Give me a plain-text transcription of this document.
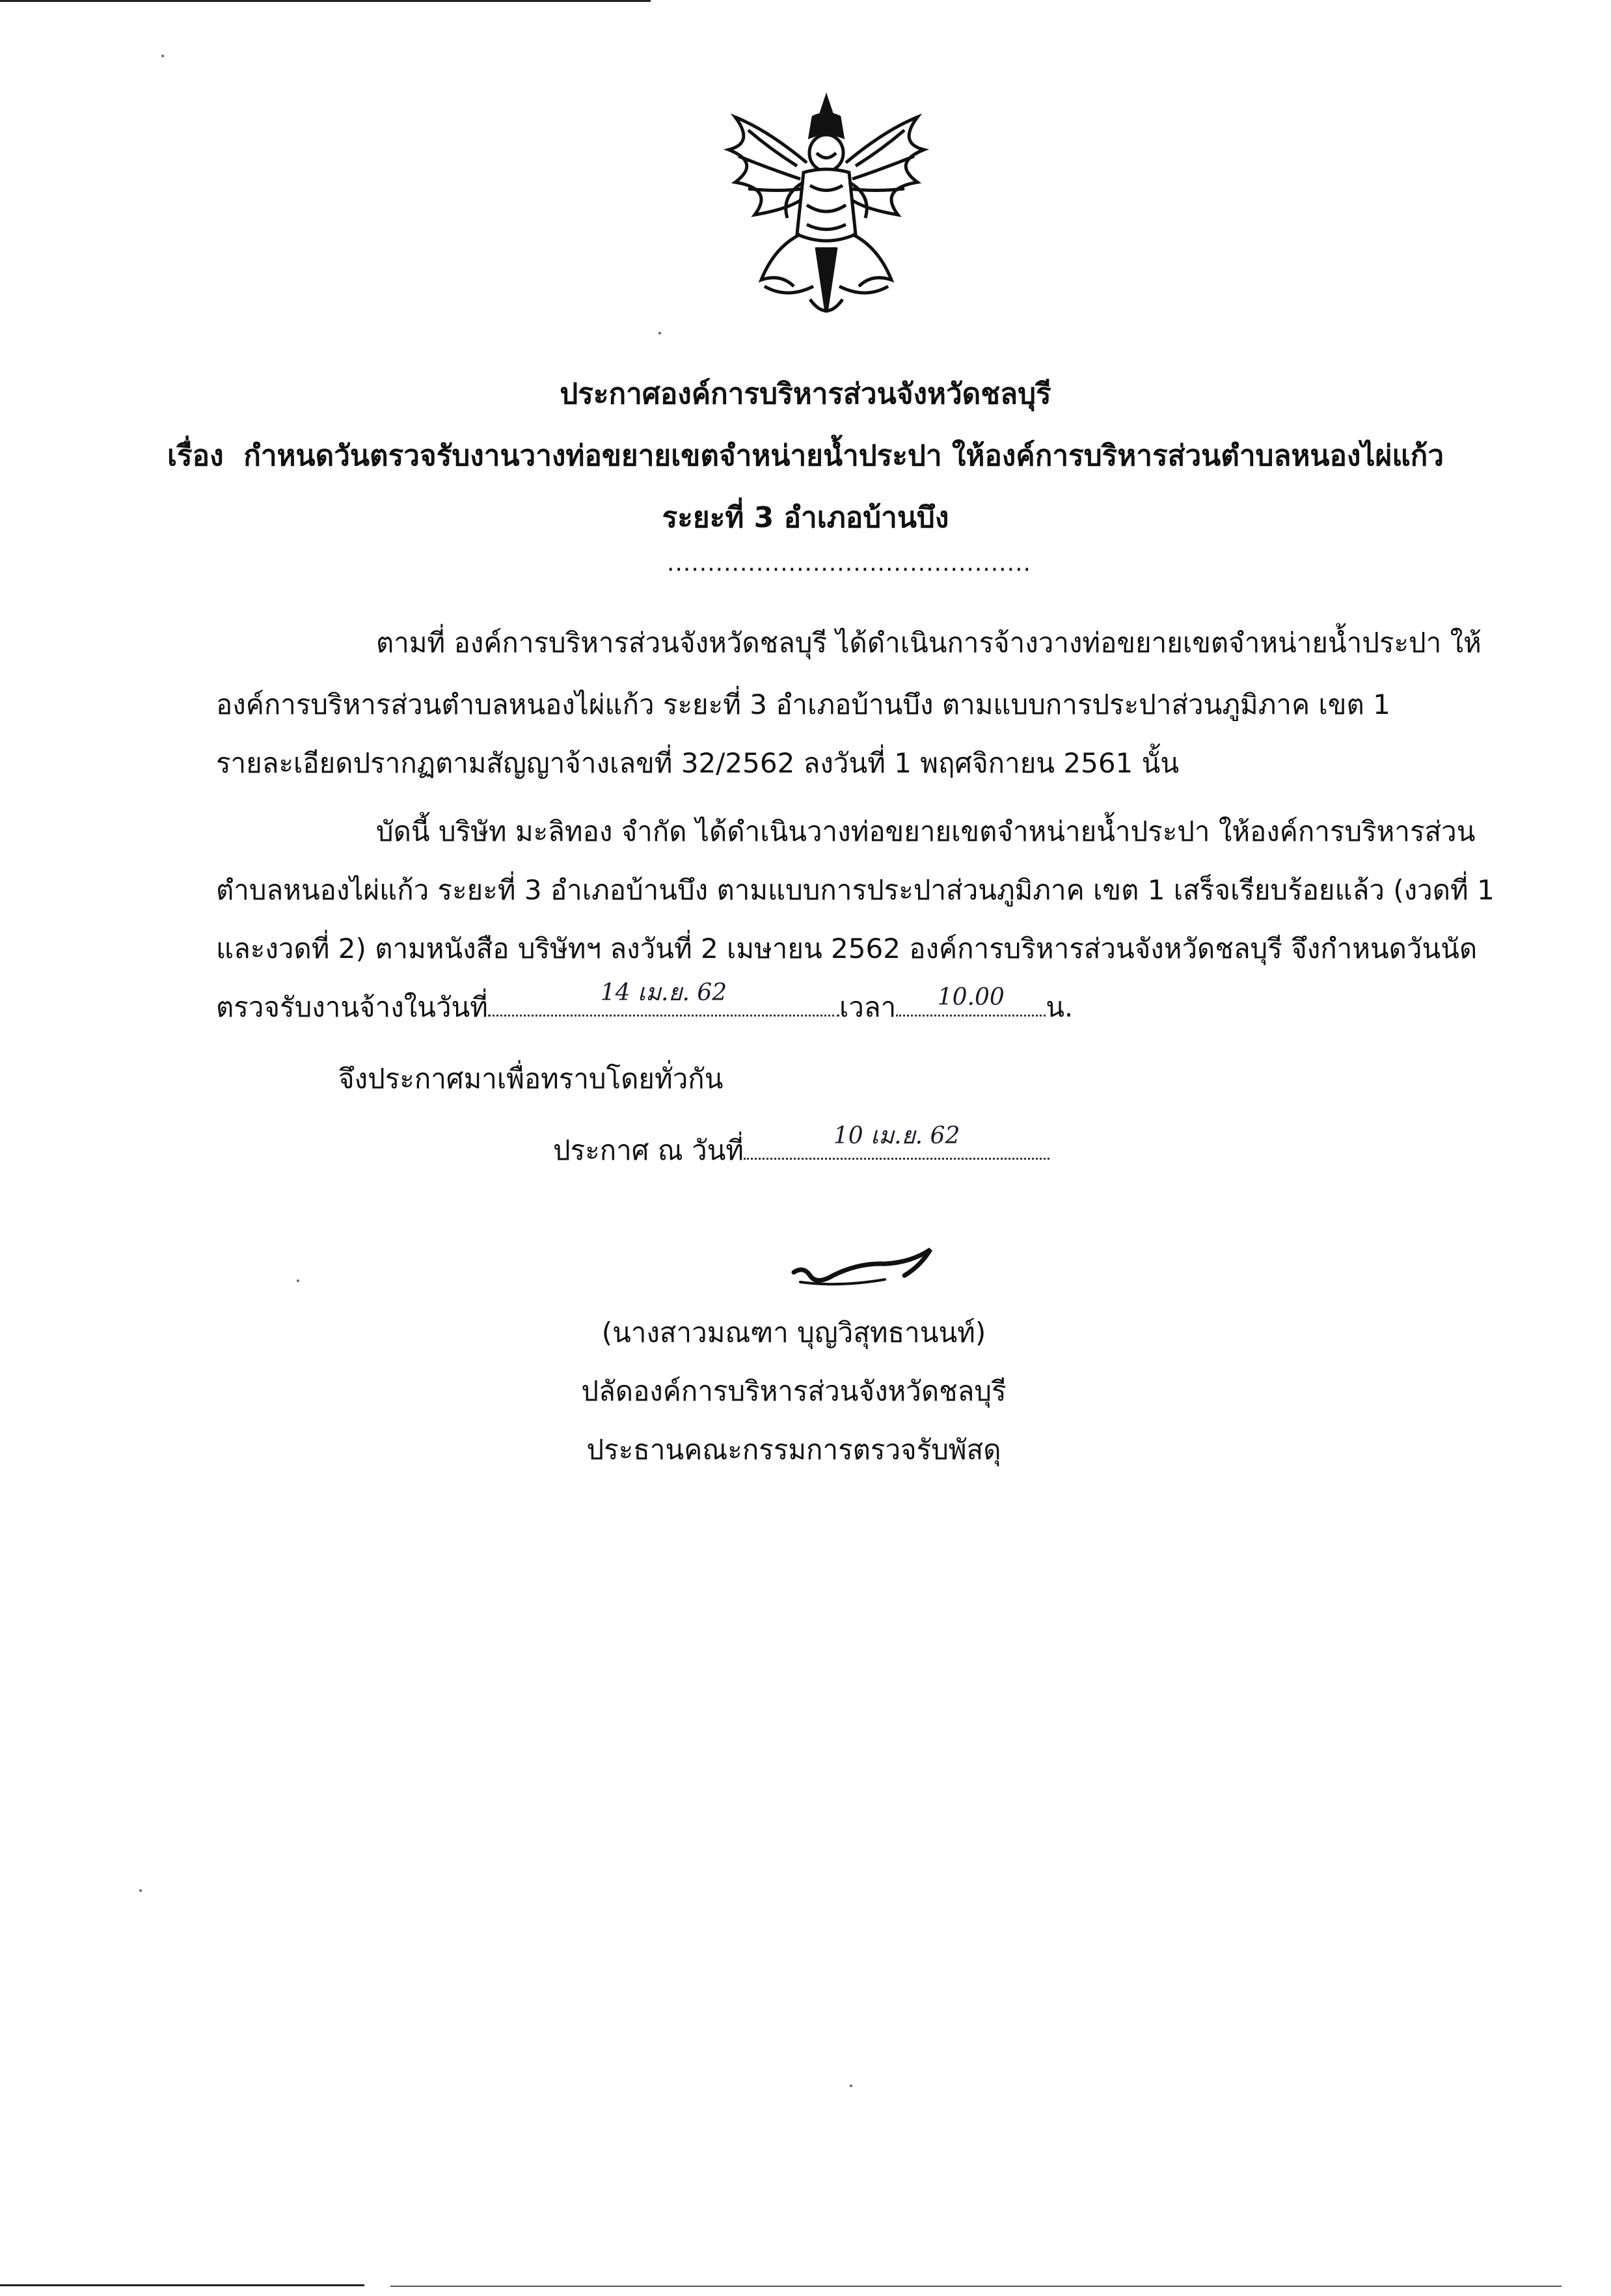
ประกาศองค์การบริหารส่วนจังหวัดชลบุรี
เรื่อง กำหนดวันตรวจรับงานวางท่อขยายเขตจำหน่ายน้ำประปา ให้องค์การบริหารส่วนตำบลหนองไผ่แก้ว
ระยะที่ 3 อำเภอบ้านบึง
.............................................
ตามที่ องค์การบริหารส่วนจังหวัดชลบุรี ได้ดำเนินการจ้างวางท่อขยายเขตจำหน่ายน้ำประปา ให้
องค์การบริหารส่วนตำบลหนองไผ่แก้ว ระยะที่ 3 อำเภอบ้านบึง ตามแบบการประปาส่วนภูมิภาค เขต 1
รายละเอียดปรากฏตามสัญญาจ้างเลขที่ 32/2562 ลงวันที่ 1 พฤศจิกายน 2561 นั้น
บัดนี้ บริษัท มะลิทอง จำกัด ได้ดำเนินวางท่อขยายเขตจำหน่ายน้ำประปา ให้องค์การบริหารส่วน
ตำบลหนองไผ่แก้ว ระยะที่ 3 อำเภอบ้านบึง ตามแบบการประปาส่วนภูมิภาค เขต 1 เสร็จเรียบร้อยแล้ว (งวดที่ 1
และงวดที่ 2) ตามหนังสือ บริษัทฯ ลงวันที่ 2 เมษายน 2562 องค์การบริหารส่วนจังหวัดชลบุรี จึงกำหนดวันนัด
ตรวจรับงานจ้างในวันที่	14 เม.ย. 62	เวลา	10.00	น.
จึงประกาศมาเพื่อทราบโดยทั่วกัน
ประกาศ ณ วันที่	10 เม.ย. 62
(นางสาวมณฑา บุญวิสุทธานนท์)
ปลัดองค์การบริหารส่วนจังหวัดชลบุรี
ประธานคณะกรรมการตรวจรับพัสดุ
